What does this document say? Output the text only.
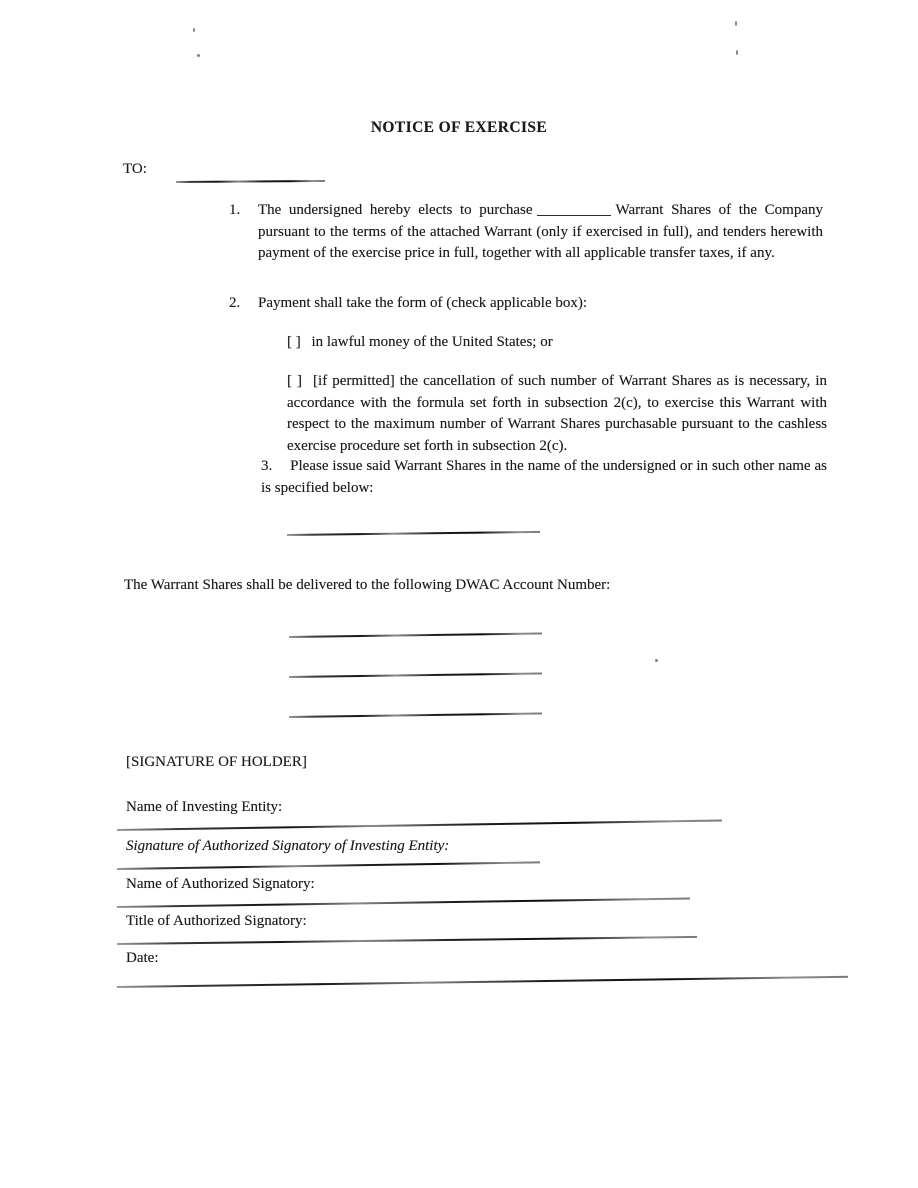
NOTICE OF EXERCISE
TO:
1. The undersigned hereby elects to purchase	Warrant Shares of the Company pursuant to the terms of the attached Warrant (only if exercised in full), and tenders herewith payment of the exercise price in full, together with all applicable transfer taxes, if any.
2. Payment shall take the form of (check applicable box):
[ ] in lawful money of the United States; or
[ ] [if permitted] the cancellation of such number of Warrant Shares as is necessary, in accordance with the formula set forth in subsection 2(c), to exercise this Warrant with respect to the maximum number of Warrant Shares purchasable pursuant to the cashless exercise procedure set forth in subsection 2(c).
3. Please issue said Warrant Shares in the name of the undersigned or in such other name as is specified below:
The Warrant Shares shall be delivered to the following DWAC Account Number:
[SIGNATURE OF HOLDER]
Name of Investing Entity:
Signature of Authorized Signatory of Investing Entity:
Name of Authorized Signatory:
Title of Authorized Signatory:
Date:
